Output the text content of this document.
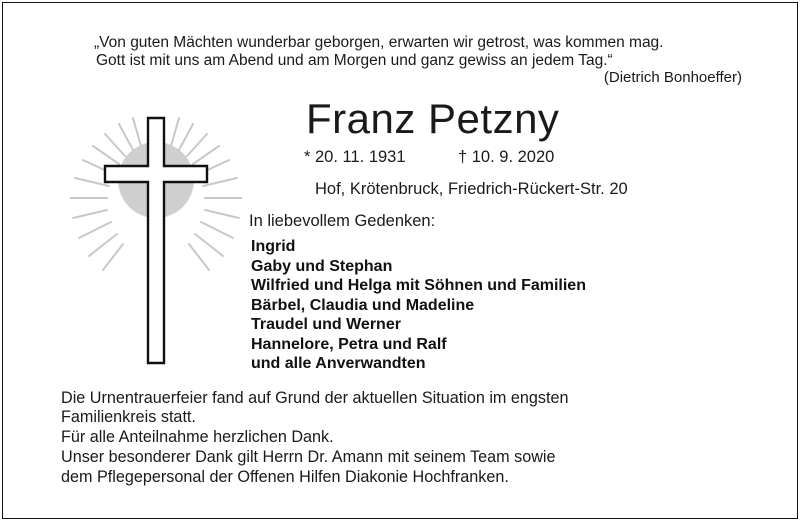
„Von guten Mächten wunderbar geborgen, erwarten wir getrost, was kommen mag.
Gott ist mit uns am Abend und am Morgen und ganz gewiss an jedem Tag.“
(Dietrich Bonhoeffer)
Franz Petzny
* 20. 11. 1931	† 10. 9. 2020
Hof, Krötenbruck, Friedrich-Rückert-Str. 20
In liebevollem Gedenken:
Ingrid
Gaby und Stephan
Wilfried und Helga mit Söhnen und Familien
Bärbel, Claudia und Madeline
Traudel und Werner
Hannelore, Petra und Ralf
und alle Anverwandten
Die Urnentrauerfeier fand auf Grund der aktuellen Situation im engsten
Familienkreis statt.
Für alle Anteilnahme herzlichen Dank.
Unser besonderer Dank gilt Herrn Dr. Amann mit seinem Team sowie
dem Pflegepersonal der Offenen Hilfen Diakonie Hochfranken.
